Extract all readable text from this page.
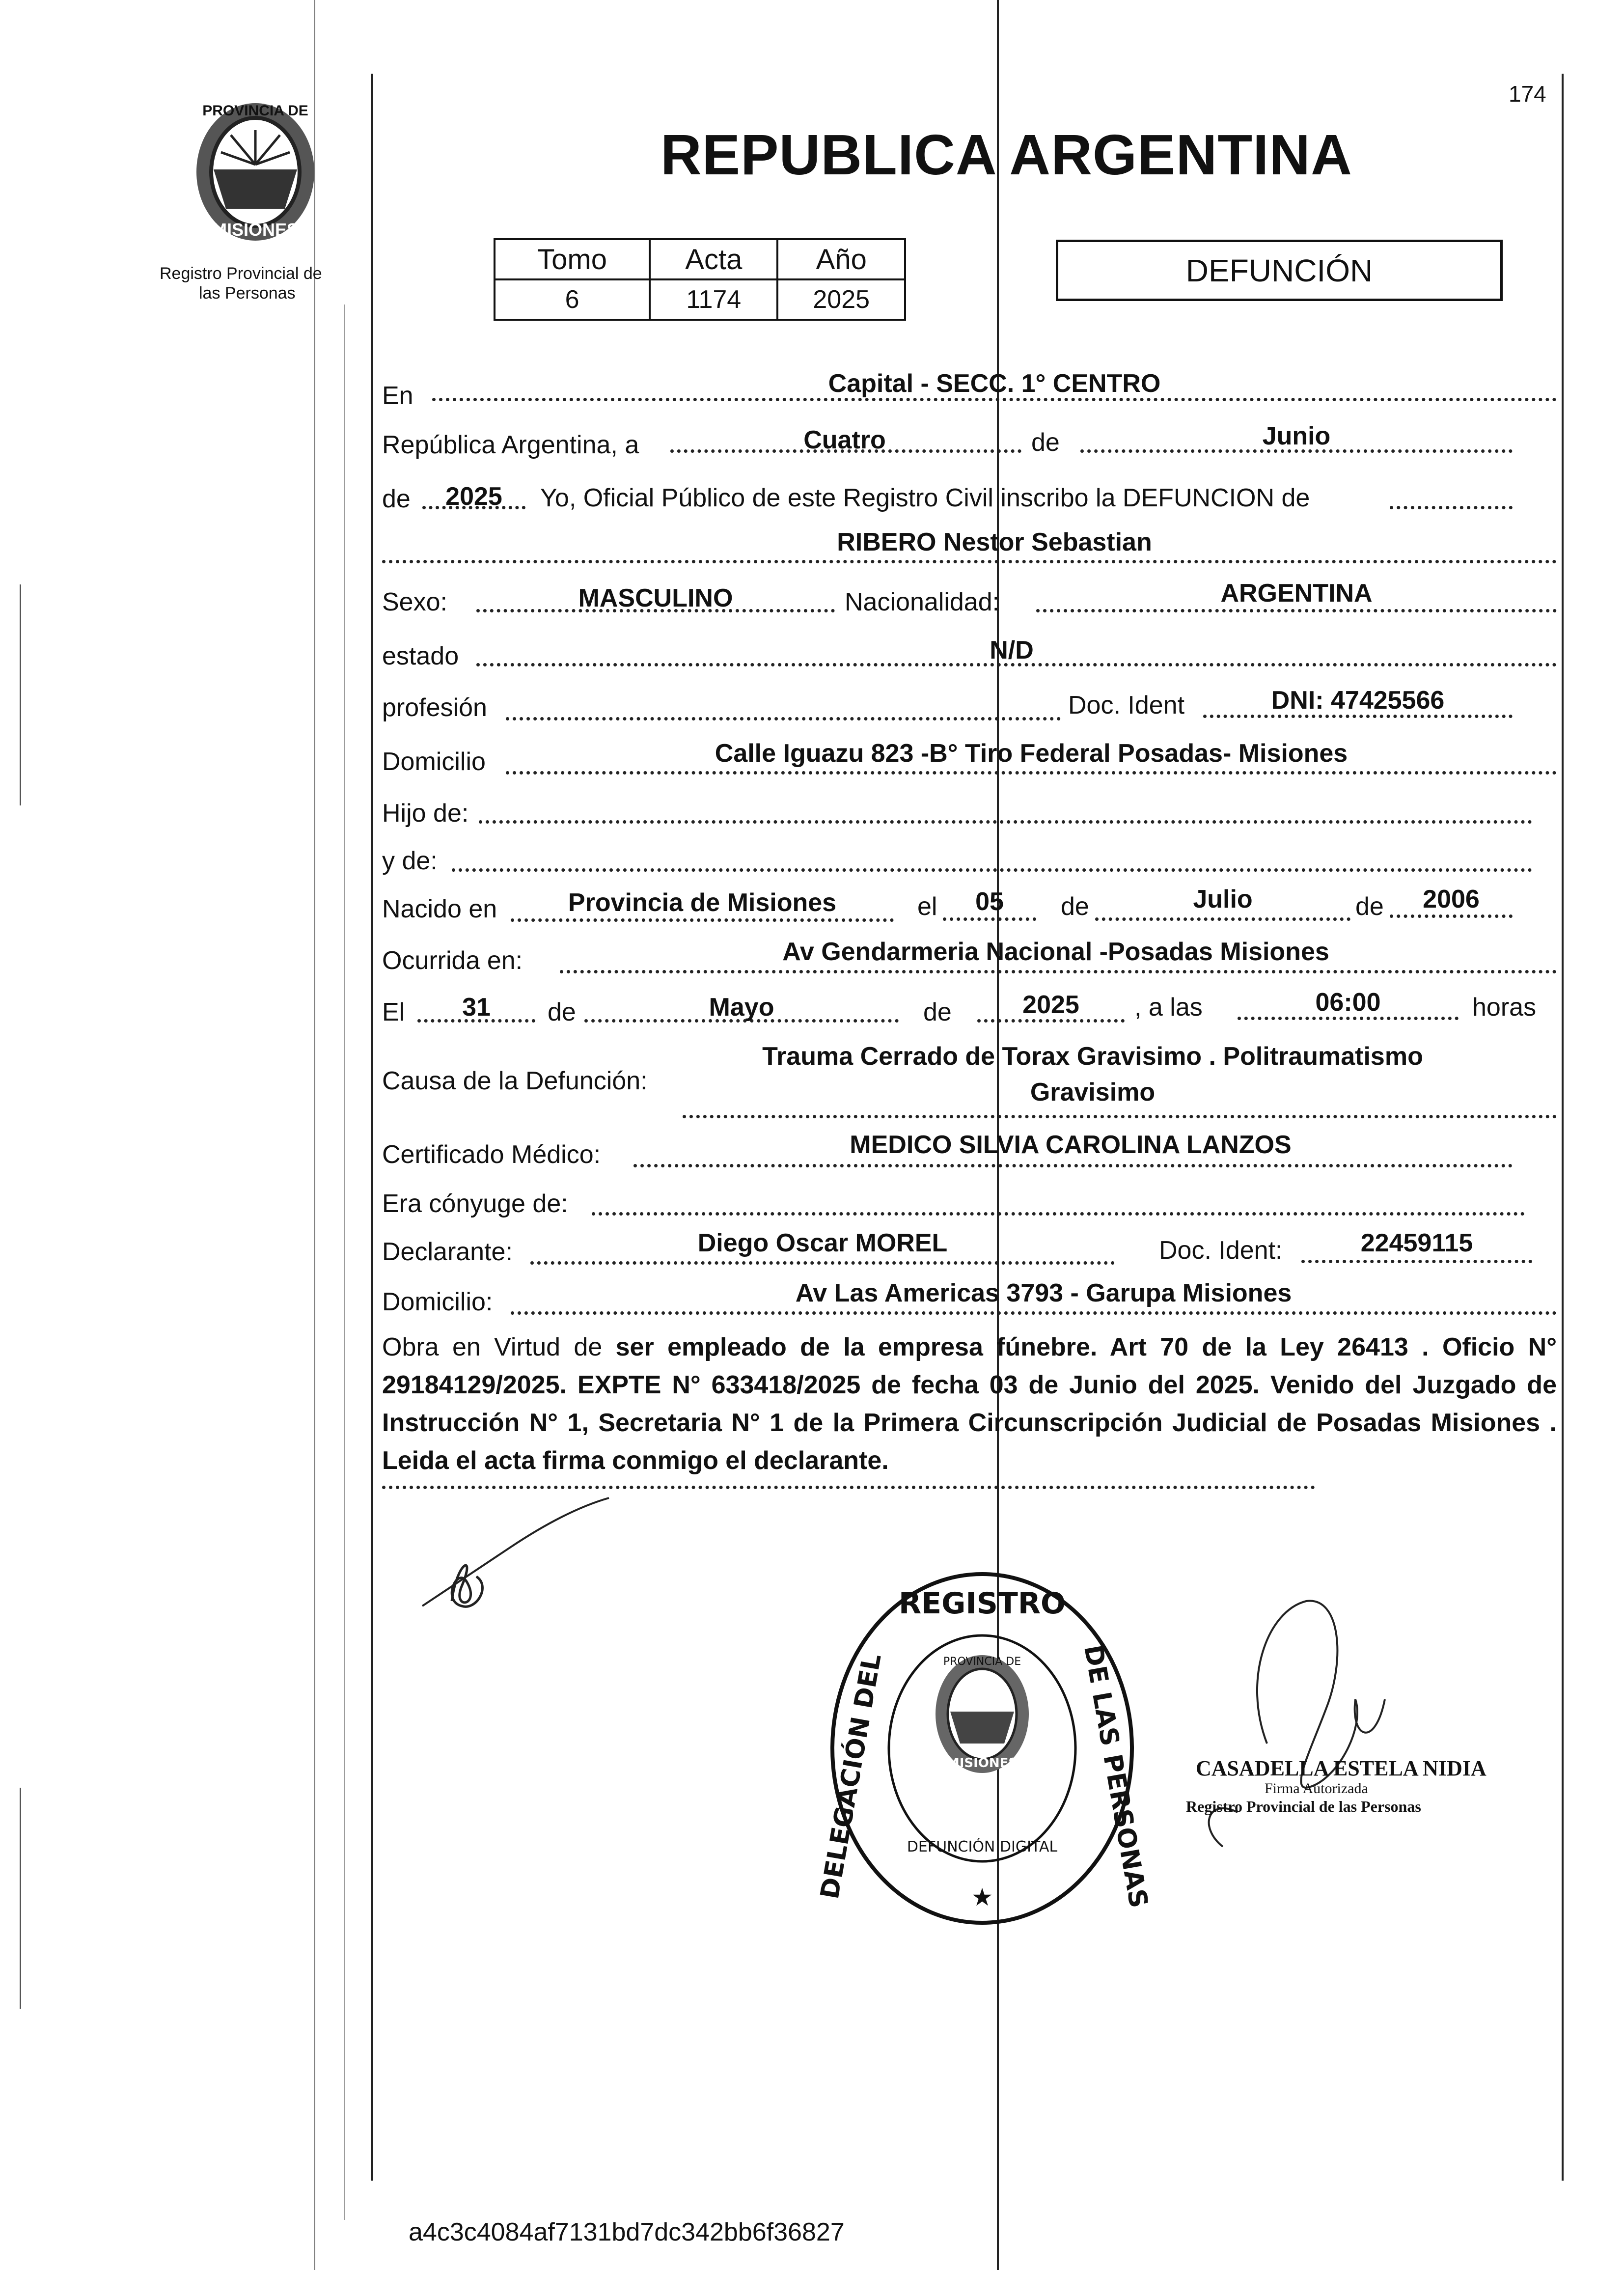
174
PROVINCIA DE
MISIONES
Registro Provincial de
las Personas
REPUBLICA ARGENTINA
Tomo	Acta	Año
6	1174	2025
DEFUNCIÓN
En	Capital - SECC. 1° CENTRO
República Argentina, a	Cuatro	de	Junio
de	2025	Yo, Oficial Público de este Registro Civil inscribo la DEFUNCION de
RIBERO Nestor Sebastian
Sexo:	MASCULINO	Nacionalidad:	ARGENTINA
estado	N/D
profesión	Doc. Ident	DNI: 47425566
Domicilio	Calle Iguazu 823 -B° Tiro Federal Posadas- Misiones
Hijo de:
y de:
Nacido en	Provincia de Misiones	el	05	de	Julio	de	2006
Ocurrida en:	Av Gendarmeria Nacional -Posadas Misiones
El	31	de	Mayo	de	2025	, a las	06:00	horas
Causa de la Defunción:
Trauma Cerrado de Torax Gravisimo . Politraumatismo
Gravisimo
Certificado Médico:	MEDICO SILVIA CAROLINA LANZOS
Era cónyuge de:
Declarante:	Diego Oscar MOREL	Doc. Ident:	22459115
Domicilio:	Av Las Americas 3793 - Garupa Misiones
Obra en Virtud de ser empleado de la empresa fúnebre. Art 70 de la Ley 26413 . Oficio N° 29184129/2025. EXPTE N° 633418/2025 de fecha 03 de Junio del 2025. Venido del Juzgado de Instrucción N° 1, Secretaria N° 1 de la Primera Circunscripción Judicial de Posadas Misiones . Leida el acta firma conmigo el declarante.
REGISTRO
DELEGACIÓN DEL	DE LAS PERSONAS
DEFUNCIÓN DIGITAL
PROVINCIA DE
MISIONES
★
CASADELLA ESTELA NIDIA
Firma Autorizada
Registro Provincial de las Personas
a4c3c4084af7131bd7dc342bb6f36827
